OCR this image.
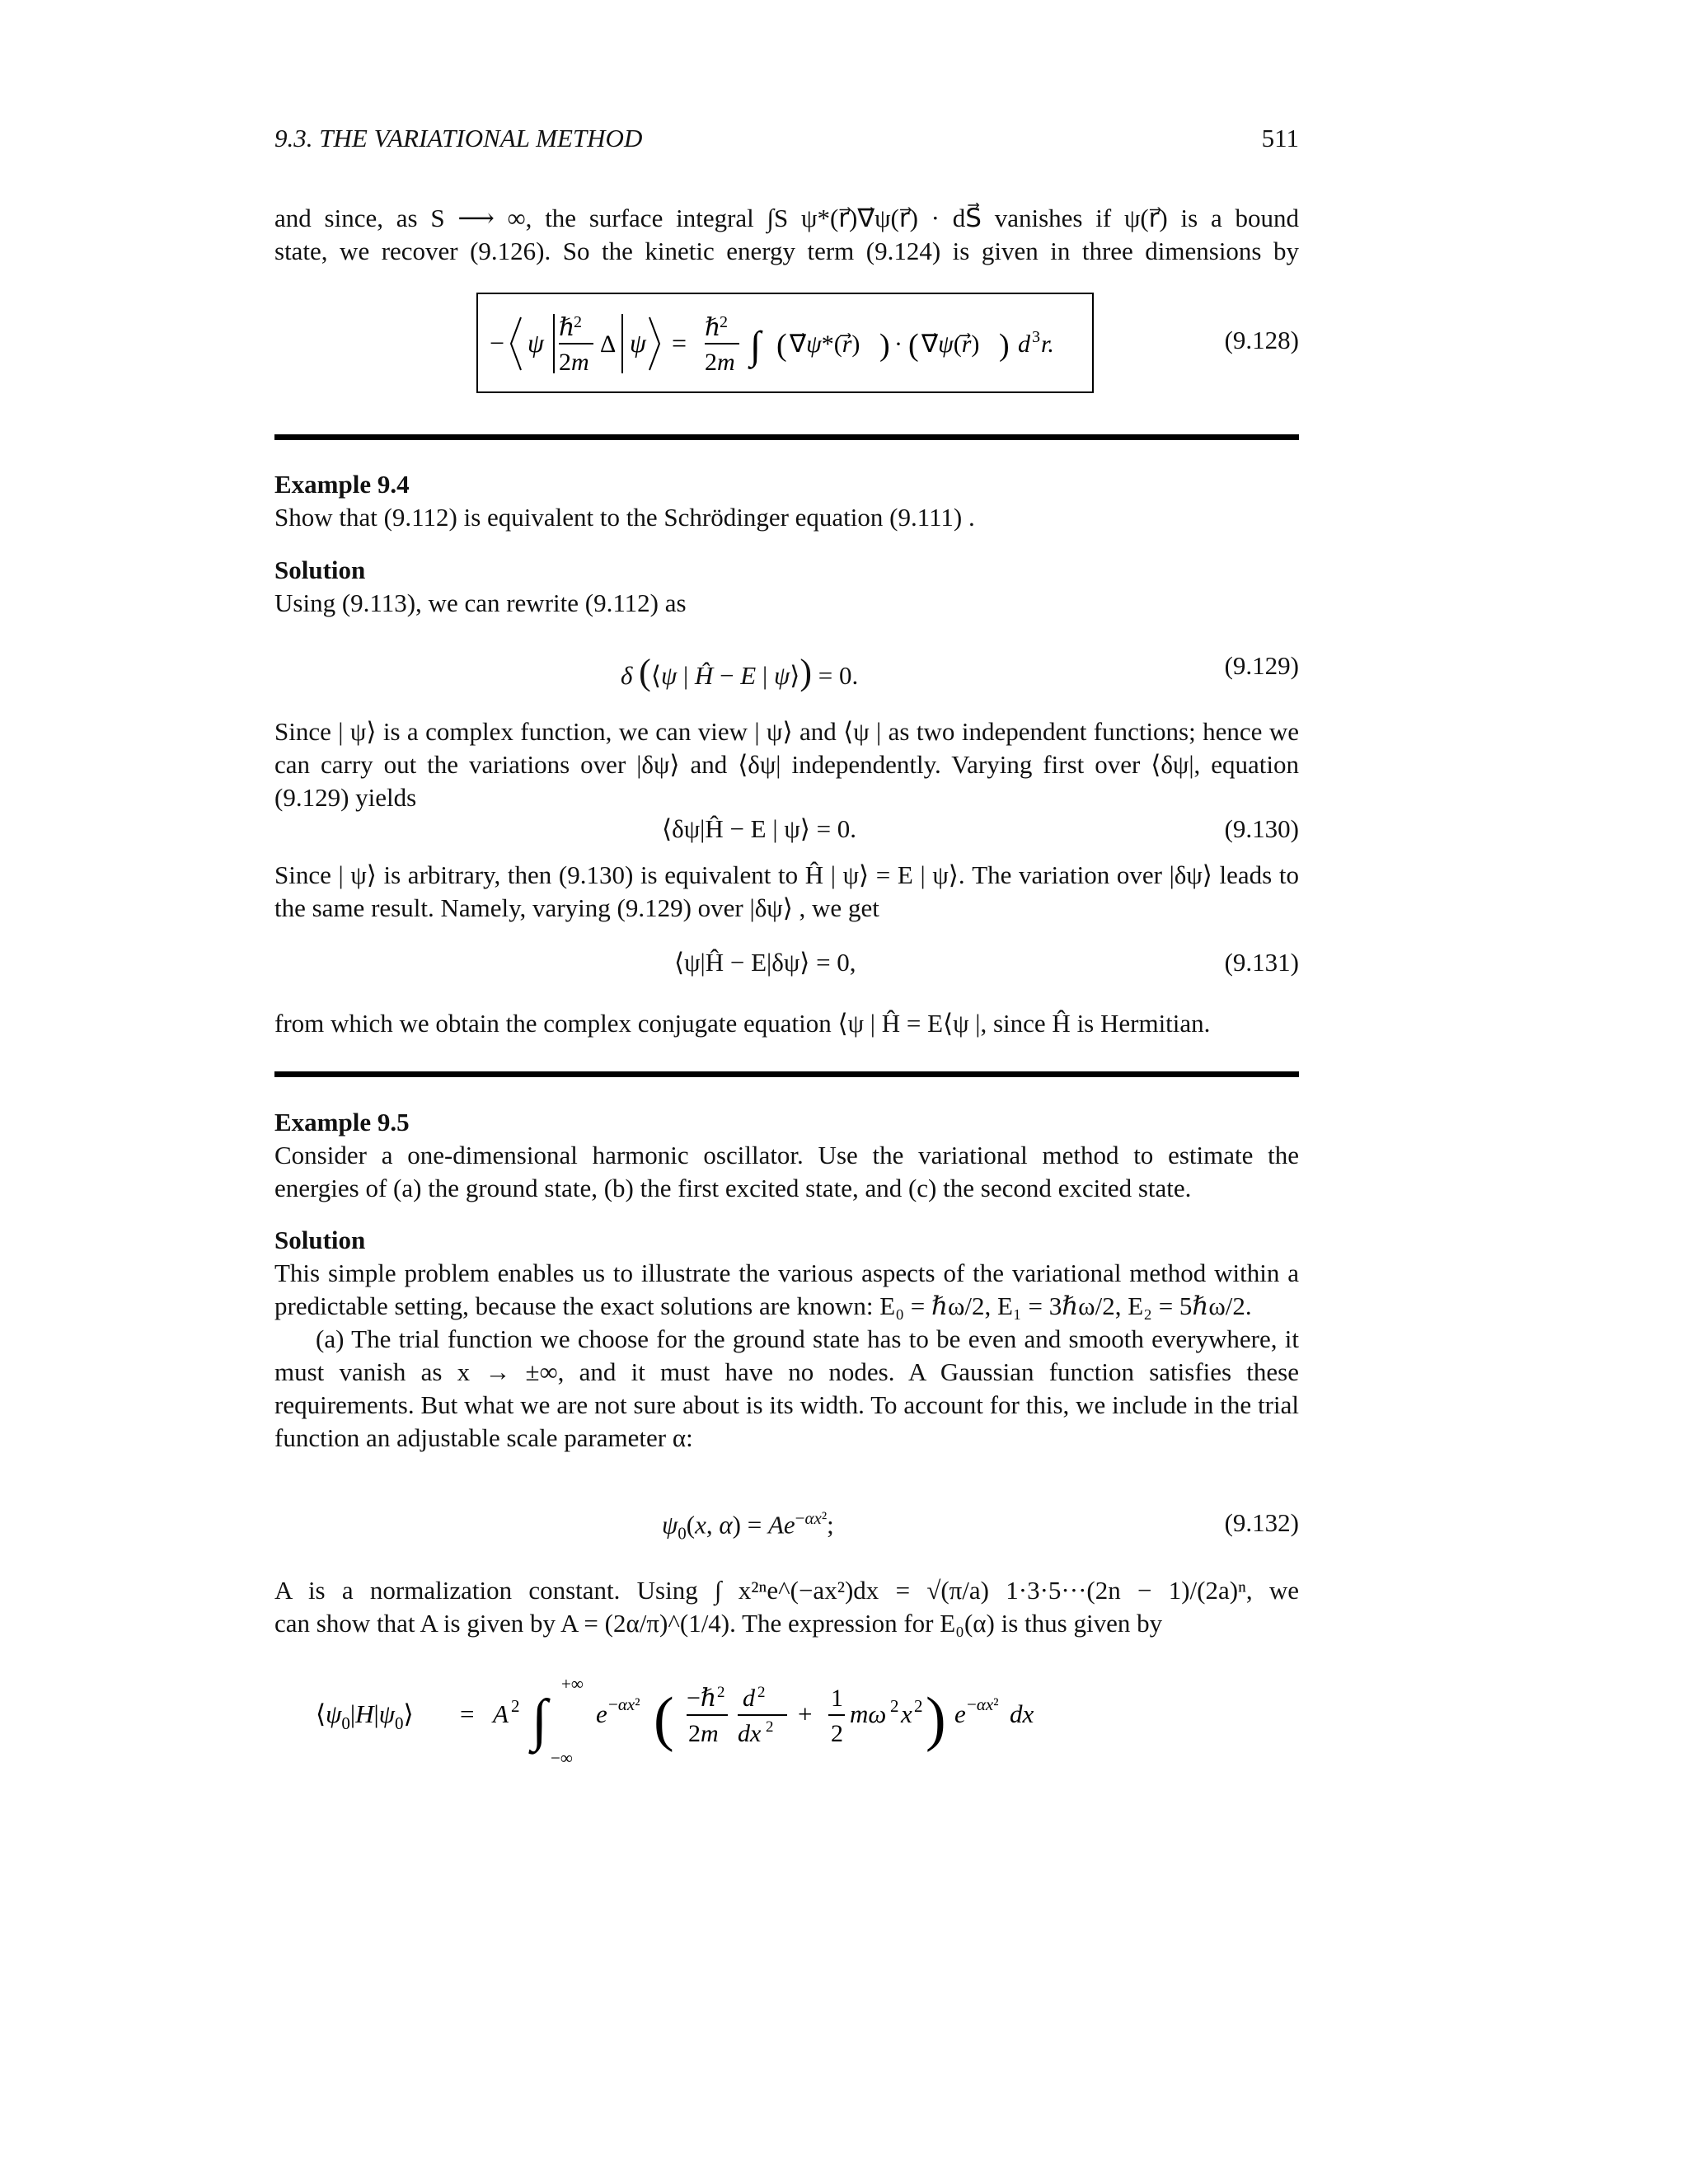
9.3. THE VARIATIONAL METHOD	511
and since, as S ⟶ ∞, the surface integral ∫S ψ*(r⃗)∇⃗ψ(r⃗) · dS⃗ vanishes if ψ(r⃗) is a bound
state, we recover (9.126). So the kinetic energy term (9.124) is given in three dimensions by
− ψ
ℏ
2
2m
Δ ψ =
ℏ
2
2m ∫ ( ∇⃗ψ*(r⃗) ) · ( ∇⃗ψ(r⃗) ) d 3 r.	(9.128)
Example 9.4
Show that (9.112) is equivalent to the Schrödinger equation (9.111) .
Solution
Using (9.113), we can rewrite (9.112) as
δ (⟨ψ | Ĥ − E | ψ⟩) = 0.	(9.129)
Since | ψ⟩ is a complex function, we can view | ψ⟩ and ⟨ψ | as two independent functions; hence we can carry out the variations over |δψ⟩ and ⟨δψ| independently. Varying first over ⟨δψ|, equation (9.129) yields
⟨δψ|Ĥ − E | ψ⟩ = 0.	(9.130)
Since | ψ⟩ is arbitrary, then (9.130) is equivalent to Ĥ | ψ⟩ = E | ψ⟩. The variation over |δψ⟩ leads to the same result. Namely, varying (9.129) over |δψ⟩ , we get
⟨ψ|Ĥ − E|δψ⟩ = 0,	(9.131)
from which we obtain the complex conjugate equation ⟨ψ | Ĥ = E⟨ψ |, since Ĥ is Hermitian.
Example 9.5
Consider a one-dimensional harmonic oscillator. Use the variational method to estimate the energies of (a) the ground state, (b) the first excited state, and (c) the second excited state.
Solution
This simple problem enables us to illustrate the various aspects of the variational method within a predictable setting, because the exact solutions are known: E₀ = ℏω/2, E₁ = 3ℏω/2, E₂ = 5ℏω/2.
(a) The trial function we choose for the ground state has to be even and smooth everywhere, it must vanish as x → ±∞, and it must have no nodes. A Gaussian function satisfies these requirements. But what we are not sure about is its width. To account for this, we include in the trial function an adjustable scale parameter α:
$\psi_0(x$, $\alpha) = Ae^{-\alpha x^2}$;	(9.132)
A is a normalization constant. Using ∫ x²ⁿe^(−ax²)dx = √(π/a) 1·3·5···(2n − 1)/(2a)ⁿ, we
can show that A is given by A = (2α/π)^(1/4). The expression for E₀(α) is thus given by
$⟨\psi_0|H|\psi_0⟩ = A$ 2 ∫
+∞
−∞
e −αx² ( −ℏ 2
2m
d 2
dx 2 +
1
2
mω 2 x 2 ) e −αx² dx
